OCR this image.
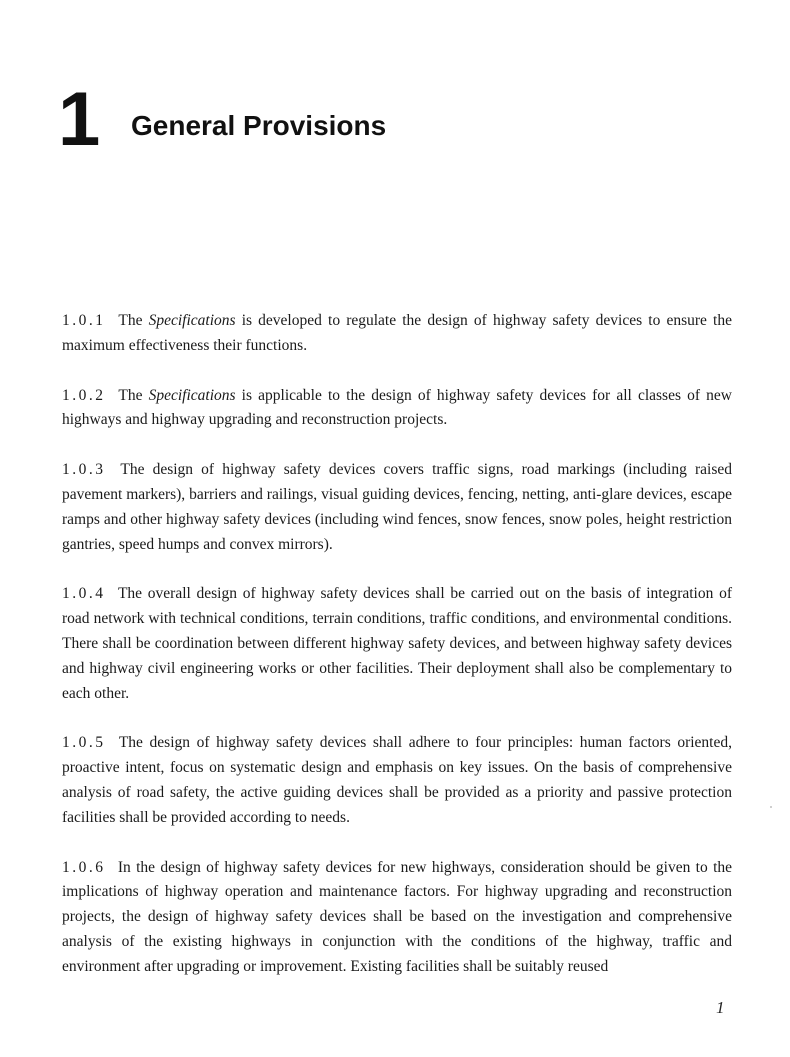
1 General Provisions

1.0.1 The Specifications is developed to regulate the design of highway safety devices to ensure the maximum effectiveness their functions.

1.0.2 The Specifications is applicable to the design of highway safety devices for all classes of new highways and highway upgrading and reconstruction projects.

1.0.3 The design of highway safety devices covers traffic signs, road markings (including raised pavement markers), barriers and railings, visual guiding devices, fencing, netting, anti-glare devices, escape ramps and other highway safety devices (including wind fences, snow fences, snow poles, height restriction gantries, speed humps and convex mirrors).

1.0.4 The overall design of highway safety devices shall be carried out on the basis of integration of road network with technical conditions, terrain conditions, traffic conditions, and environmental conditions. There shall be coordination between different highway safety devices, and between highway safety devices and highway civil engineering works or other facilities. Their deployment shall also be complementary to each other.

1.0.5 The design of highway safety devices shall adhere to four principles: human factors oriented, proactive intent, focus on systematic design and emphasis on key issues. On the basis of comprehensive analysis of road safety, the active guiding devices shall be provided as a priority and passive protection facilities shall be provided according to needs.

1.0.6 In the design of highway safety devices for new highways, consideration should be given to the implications of highway operation and maintenance factors. For highway upgrading and reconstruction projects, the design of highway safety devices shall be based on the investigation and comprehensive analysis of the existing highways in conjunction with the conditions of the highway, traffic and environment after upgrading or improvement. Existing facilities shall be suitably reused

1
